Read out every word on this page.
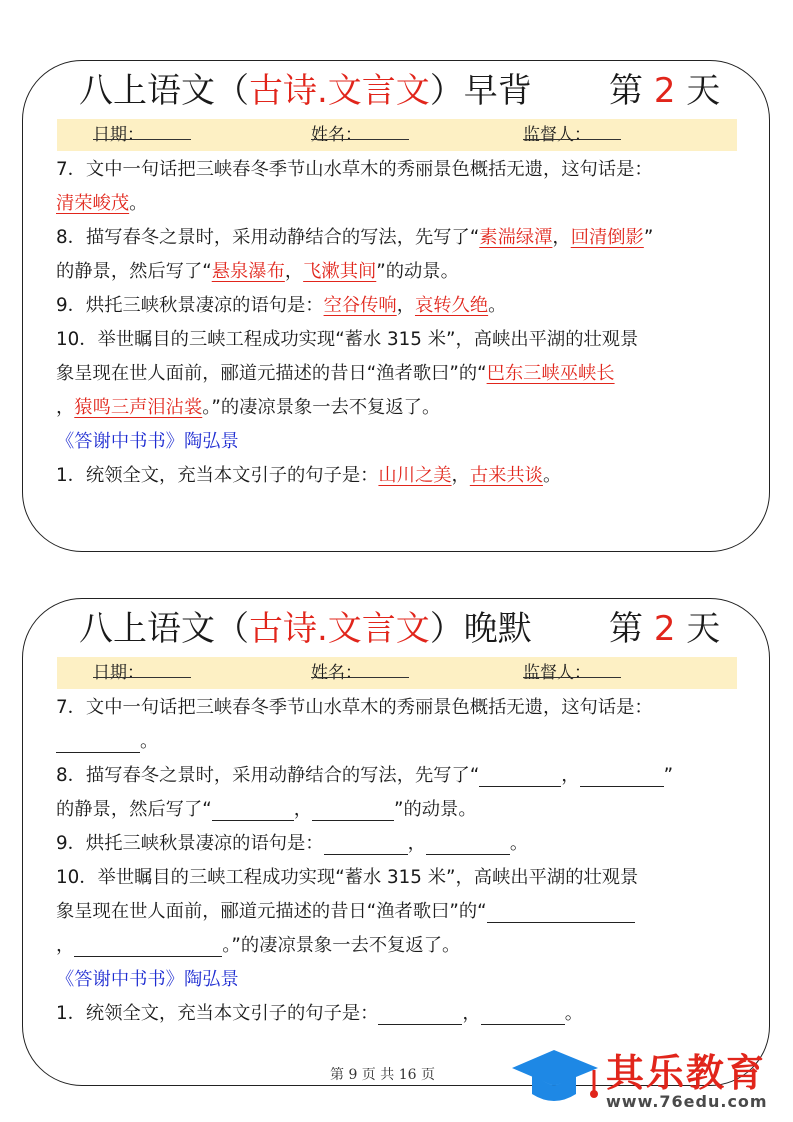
八上语文（古诗.文言文）早背 第 2 天
日期：	姓名：	监督人：
7．文中一句话把三峡春冬季节山水草木的秀丽景色概括无遗，这句话是：
清荣峻茂。
8．描写春冬之景时，采用动静结合的写法，先写了“素湍绿潭，回清倒影”
的静景，然后写了“悬泉瀑布，飞漱其间”的动景。
9．烘托三峡秋景凄凉的语句是：空谷传响，哀转久绝。
10．举世瞩目的三峡工程成功实现“蓄水 315 米”，高峡出平湖的壮观景
象呈现在世人面前，郦道元描述的昔日“渔者歌曰”的“巴东三峡巫峡长
，猿鸣三声泪沾裳。”的凄凉景象一去不复返了。
《答谢中书书》陶弘景
1．统领全文，充当本文引子的句子是：山川之美，古来共谈。
八上语文（古诗.文言文）晚默 第 2 天
日期：	姓名：	监督人：
7．文中一句话把三峡春冬季节山水草木的秀丽景色概括无遗，这句话是：
。
8．描写春冬之景时，采用动静结合的写法，先写了“	，	”
的静景，然后写了“	，	”的动景。
9．烘托三峡秋景凄凉的语句是：	，	。
10．举世瞩目的三峡工程成功实现“蓄水 315 米”，高峡出平湖的壮观景
象呈现在世人面前，郦道元描述的昔日“渔者歌曰”的“
，	。”的凄凉景象一去不复返了。
《答谢中书书》陶弘景
1．统领全文，充当本文引子的句子是：	，	。
第 9 页 共 16 页	其乐教育
www.76edu.com
